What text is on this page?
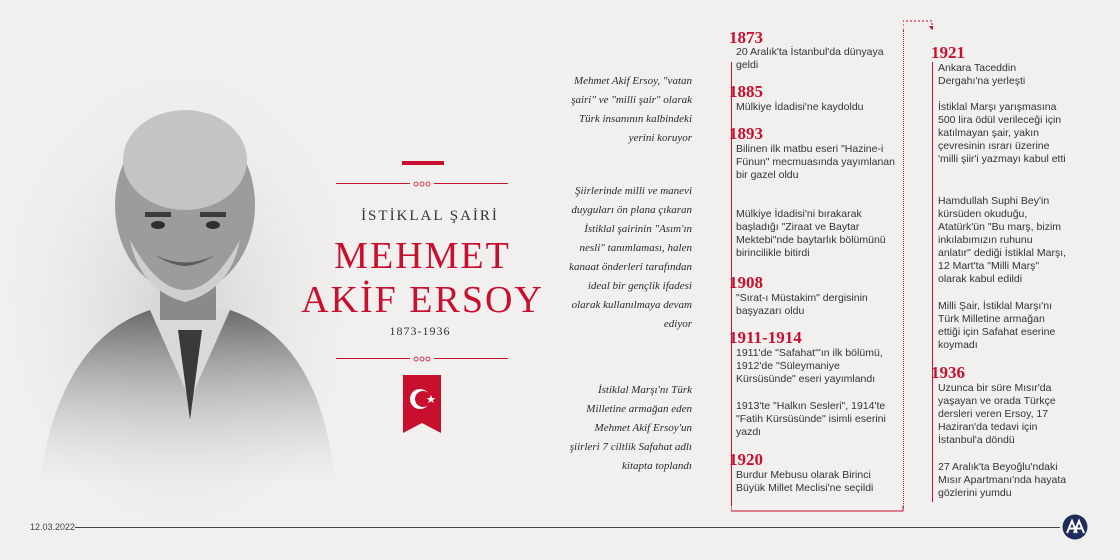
İSTİKLAL ŞAİRİ
MEHMET
AKİF ERSOY
1873-1936
Mehmet Akif Ersoy, "vatan şairi" ve "milli şair" olarak Türk insanının kalbindeki yerini koruyor
Şiirlerinde milli ve manevi duyguları ön plana çıkaran İstiklal şairinin "Asım'ın nesli" tanımlaması, halen kanaat önderleri tarafından ideal bir gençlik ifadesi olarak kullanılmaya devam ediyor
İstiklal Marşı'nı Türk Milletine armağan eden Mehmet Akif Ersoy'un şiirleri 7 ciltlik Safahat adlı kitapta toplandı
1873
20 Aralık'ta İstanbul'da dünyaya geldi
1885
Mülkiye İdadisi'ne kaydoldu
1893
Bilinen ilk matbu eseri "Hazine-i Fünun" mecmuasında yayımlanan bir gazel oldu
Mülkiye İdadisi'ni bırakarak başladığı "Ziraat ve Baytar Mektebi"nde baytarlık bölümünü birincilikle bitirdi
1908
"Sırat-ı Müstakim" dergisinin başyazarı oldu
1911-1914
1911'de "Safahat"'ın ilk bölümü, 1912'de "Süleymaniye Kürsüsünde" eseri yayımlandı
1913'te "Halkın Sesleri", 1914'te "Fatih Kürsüsünde" isimli eserini yazdı
1920
Burdur Mebusu olarak Birinci Büyük Millet Meclisi'ne seçildi
1921
Ankara Taceddin Dergahı'na yerleşti
İstiklal Marşı yarışmasına 500 lira ödül verileceği için katılmayan şair, yakın çevresinin ısrarı üzerine 'milli şiir'i yazmayı kabul etti
Hamdullah Suphi Bey'in kürsüden okuduğu, Atatürk'ün "Bu marş, bizim inkılabımızın ruhunu anlatır" dediği İstiklal Marşı, 12 Mart'ta "Milli Marş" olarak kabul edildi
Milli Şair, İstiklal Marşı'nı Türk Milletine armağan ettiği için Safahat eserine koymadı
1936
Uzunca bir süre Mısır'da yaşayan ve orada Türkçe dersleri veren Ersoy, 17 Haziran'da tedavi için İstanbul'a döndü
27 Aralık'ta Beyoğlu'ndaki Mısır Apartmanı'nda hayata gözlerini yumdu
12.03.2022
